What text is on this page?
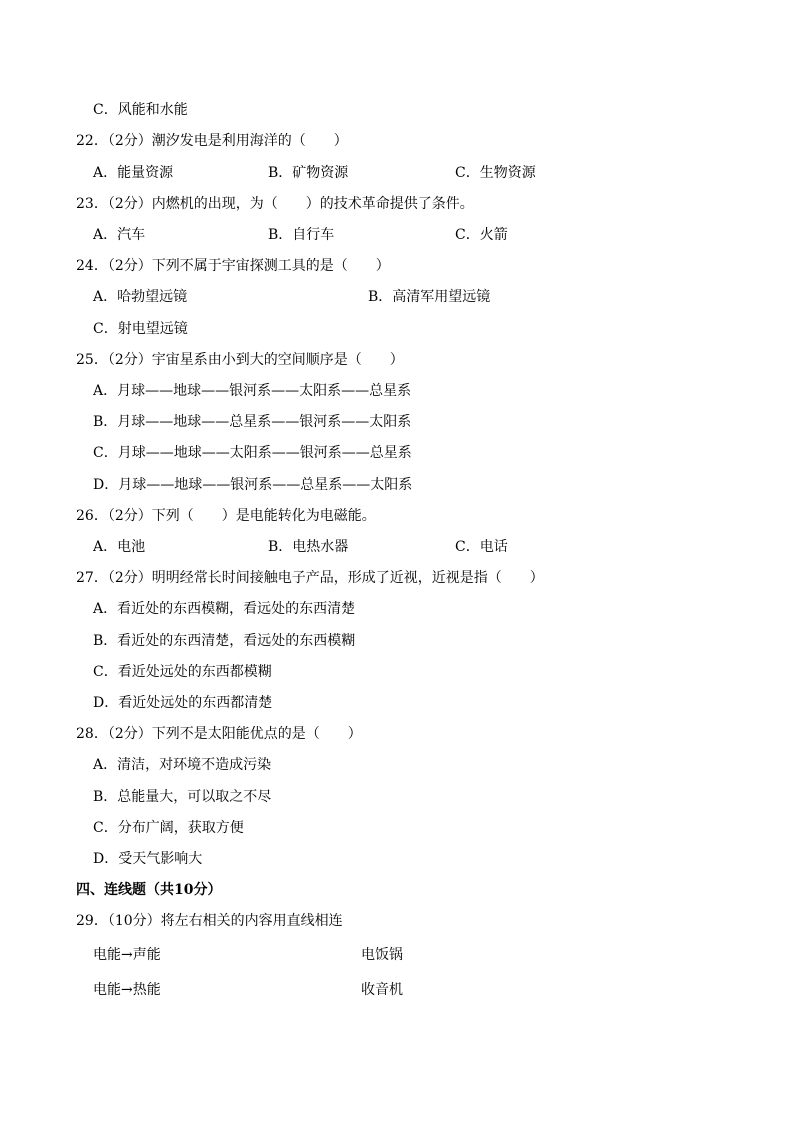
C．风能和水能
22．（2分）潮汐发电是利用海洋的（　　）
A．能量资源	B．矿物资源	C．生物资源
23．（2分）内燃机的出现，为（　　）的技术革命提供了条件。
A．汽车	B．自行车	C．火箭
24．（2分）下列不属于宇宙探测工具的是（　　）
A．哈勃望远镜	B．高清军用望远镜
C．射电望远镜
25．（2分）宇宙星系由小到大的空间顺序是（　　）
A．月球——地球——银河系——太阳系——总星系
B．月球——地球——总星系——银河系——太阳系
C．月球——地球——太阳系——银河系——总星系
D．月球——地球——银河系——总星系——太阳系
26．（2分）下列（　　）是电能转化为电磁能。
A．电池	B．电热水器	C．电话
27．（2分）明明经常长时间接触电子产品，形成了近视，近视是指（　　）
A．看近处的东西模糊，看远处的东西清楚
B．看近处的东西清楚，看远处的东西模糊
C．看近处远处的东西都模糊
D．看近处远处的东西都清楚
28．（2分）下列不是太阳能优点的是（　　）
A．清洁，对环境不造成污染
B．总能量大，可以取之不尽
C．分布广阔，获取方便
D．受天气影响大
四、连线题（共10分）
29．（10分）将左右相关的内容用直线相连
电能→声能	电饭锅
电能→热能	收音机
